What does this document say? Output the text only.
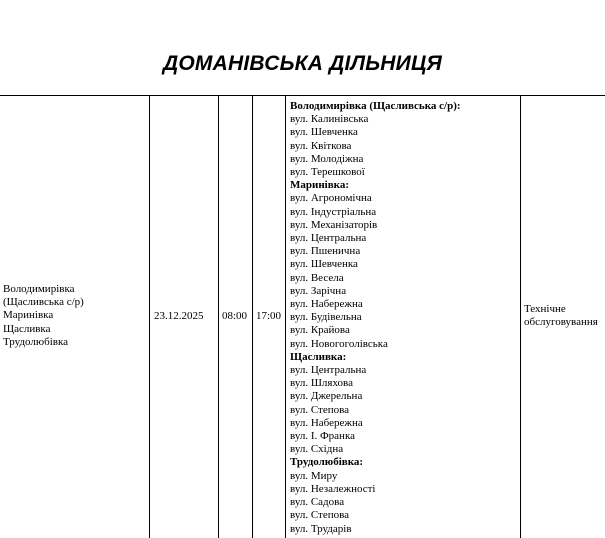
ДОМАНІВСЬКА ДІЛЬНИЦЯ
Володимирівка
(Щасливська с/р)
Маринівка
Щасливка
Трудолюбівка
23.12.2025 08:00 17:00
Володимирівка (Щасливська с/р):
вул. Калинівська
вул. Шевченка
вул. Квіткова
вул. Молодіжна
вул. Терешкової
Маринівка:
вул. Агрономічна
вул. Індустріальна
вул. Механізаторів
вул. Центральна
вул. Пшенична
вул. Шевченка
вул. Весела
вул. Зарічна
вул. Набережна
вул. Будівельна
вул. Крайова
вул. Новогоголівська
Щасливка:
вул. Центральна
вул. Шляхова
вул. Джерельна
вул. Степова
вул. Набережна
вул. І. Франка
вул. Східна
Трудолюбівка:
вул. Миру
вул. Незалежності
вул. Садова
вул. Степова
вул. Трударів
Технічне
обслуговування
